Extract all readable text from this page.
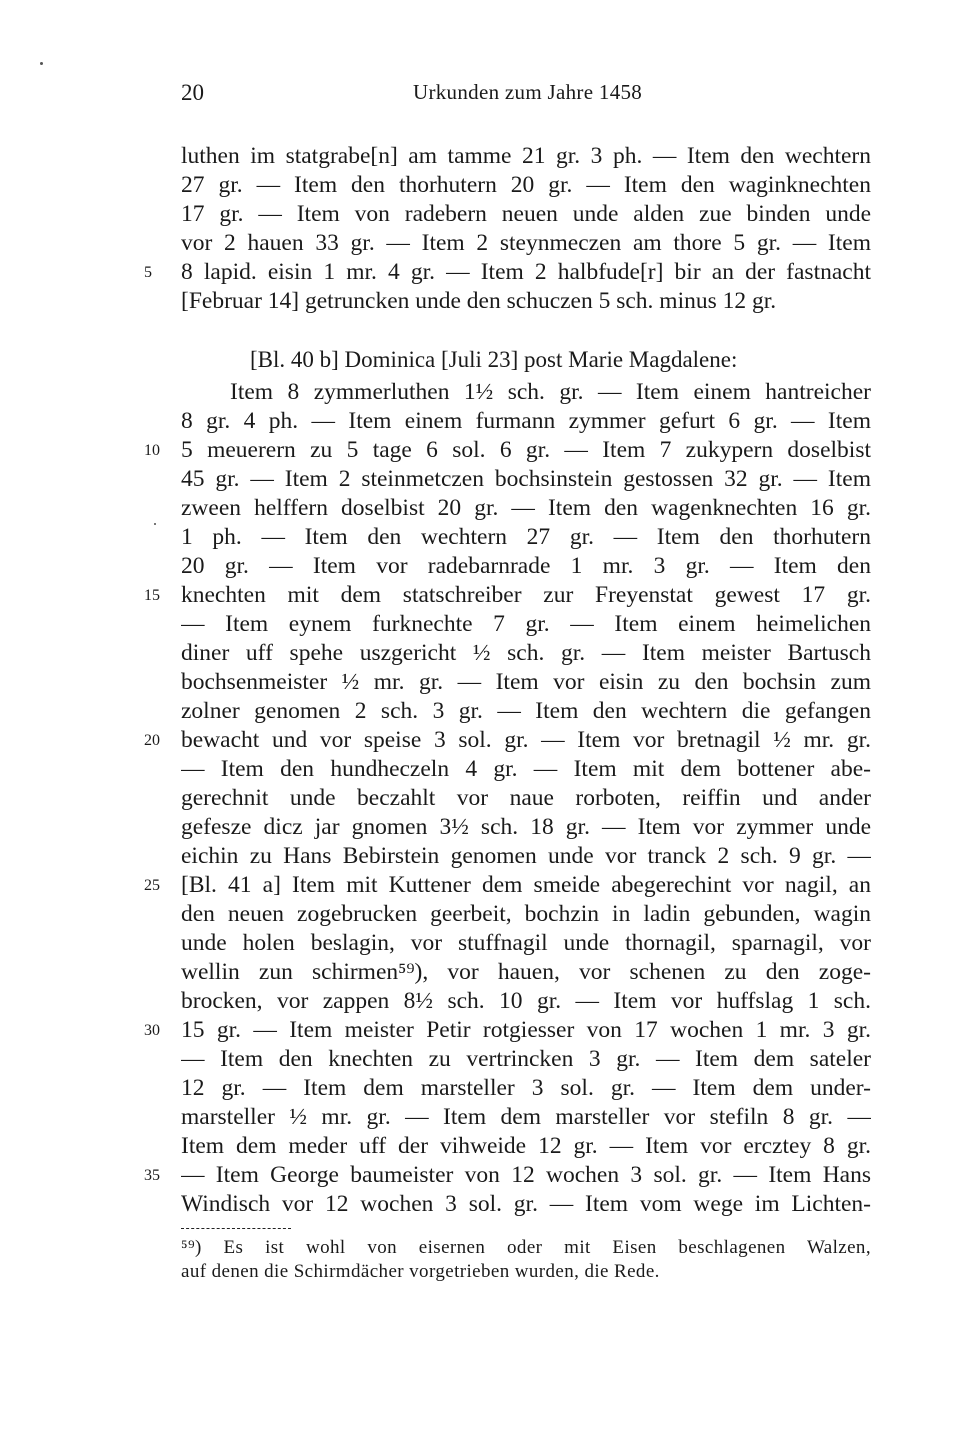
20	Urkunden zum Jahre 1458
luthen im statgrabe[n] am tamme 21 gr. 3 ph. — Item den wechtern
27 gr. — Item den thorhutern 20 gr. — Item den waginknechten
17 gr. — Item von radebern neuen unde alden zue binden unde
vor 2 hauen 33 gr. — Item 2 steynmeczen am thore 5 gr. — Item
8 lapid. eisin 1 mr. 4 gr. — Item 2 halbfude[r] bir an der fastnacht
[Februar 14] getruncken unde den schuczen 5 sch. minus 12 gr.
[Bl. 40 b] Dominica [Juli 23] post Marie Magdalene:
Item 8 zymmerluthen 1½ sch. gr. — Item einem hantreicher
8 gr. 4 ph. — Item einem furmann zymmer gefurt 6 gr. — Item
5 meuerern zu 5 tage 6 sol. 6 gr. — Item 7 zukypern doselbist
45 gr. — Item 2 steinmetczen bochsinstein gestossen 32 gr. — Item
zween helffern doselbist 20 gr. — Item den wagenknechten 16 gr.
1 ph. — Item den wechtern 27 gr. — Item den thorhutern
20 gr. — Item vor radebarnrade 1 mr. 3 gr. — Item den
knechten mit dem statschreiber zur Freyenstat gewest 17 gr.
— Item eynem furknechte 7 gr. — Item einem heimelichen
diner uff spehe uszgericht ½ sch. gr. — Item meister Bartusch
bochsenmeister ½ mr. gr. — Item vor eisin zu den bochsin zum
zolner genomen 2 sch. 3 gr. — Item den wechtern die gefangen
bewacht und vor speise 3 sol. gr. — Item vor bretnagil ½ mr. gr.
— Item den hundheczeln 4 gr. — Item mit dem bottener abe-
gerechnit unde beczahlt vor naue rorboten, reiffin und ander
gefesze dicz jar gnomen 3½ sch. 18 gr. — Item vor zymmer unde
eichin zu Hans Bebirstein genomen unde vor tranck 2 sch. 9 gr. —
[Bl. 41 a] Item mit Kuttener dem smeide abegerechint vor nagil, an
den neuen zogebrucken geerbeit, bochzin in ladin gebunden, wagin
unde holen beslagin, vor stuffnagil unde thornagil, sparnagil, vor
wellin zun schirmen⁵⁹), vor hauen, vor schenen zu den zoge-
brocken, vor zappen 8½ sch. 10 gr. — Item vor huffslag 1 sch.
15 gr. — Item meister Petir rotgiesser von 17 wochen 1 mr. 3 gr.
— Item den knechten zu vertrincken 3 gr. — Item dem sateler
12 gr. — Item dem marsteller 3 sol. gr. — Item dem under-
marsteller ½ mr. gr. — Item dem marsteller vor stefiln 8 gr. —
Item dem meder uff der vihweide 12 gr. — Item vor ercztey 8 gr.
— Item George baumeister von 12 wochen 3 sol. gr. — Item Hans
Windisch vor 12 wochen 3 sol. gr. — Item vom wege im Lichten-
5
10
15
20
25
30
35
⁵⁹) Es ist wohl von eisernen oder mit Eisen beschlagenen Walzen,
auf denen die Schirmdächer vorgetrieben wurden, die Rede.
